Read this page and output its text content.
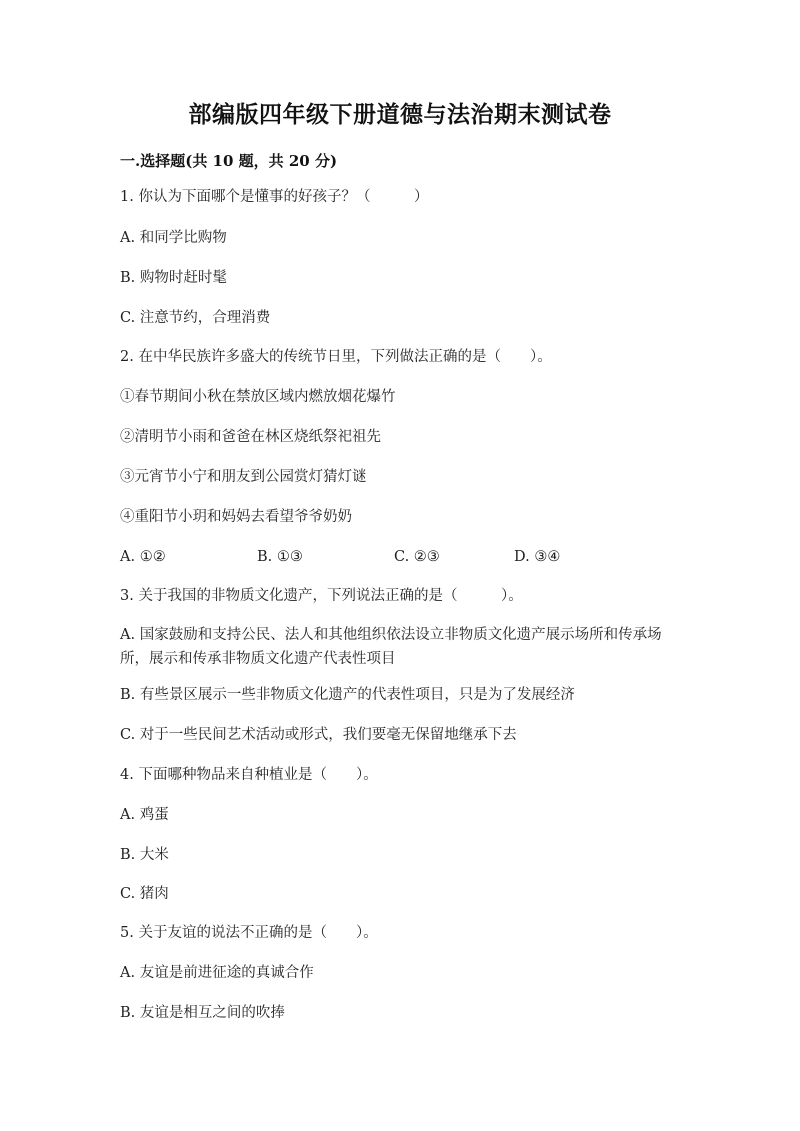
部编版四年级下册道德与法治期末测试卷
一.选择题(共 10 题，共 20 分)
1. 你认为下面哪个是懂事的好孩子？（　　　）
A. 和同学比购物
B. 购物时赶时髦
C. 注意节约，合理消费
2. 在中华民族许多盛大的传统节日里，下列做法正确的是（　　）。
①春节期间小秋在禁放区域内燃放烟花爆竹
②清明节小雨和爸爸在林区烧纸祭祀祖先
③元宵节小宁和朋友到公园赏灯猜灯谜
④重阳节小玥和妈妈去看望爷爷奶奶
A. ①②	B. ①③	C. ②③	D. ③④
3. 关于我国的非物质文化遗产，下列说法正确的是（　　　）。
A. 国家鼓励和支持公民、法人和其他组织依法设立非物质文化遗产展示场所和传承场所，展示和传承非物质文化遗产代表性项目
B. 有些景区展示一些非物质文化遗产的代表性项目，只是为了发展经济
C. 对于一些民间艺术活动或形式，我们要毫无保留地继承下去
4. 下面哪种物品来自种植业是（　　）。
A. 鸡蛋
B. 大米
C. 猪肉
5. 关于友谊的说法不正确的是（　　）。
A. 友谊是前进征途的真诚合作
B. 友谊是相互之间的吹捧
